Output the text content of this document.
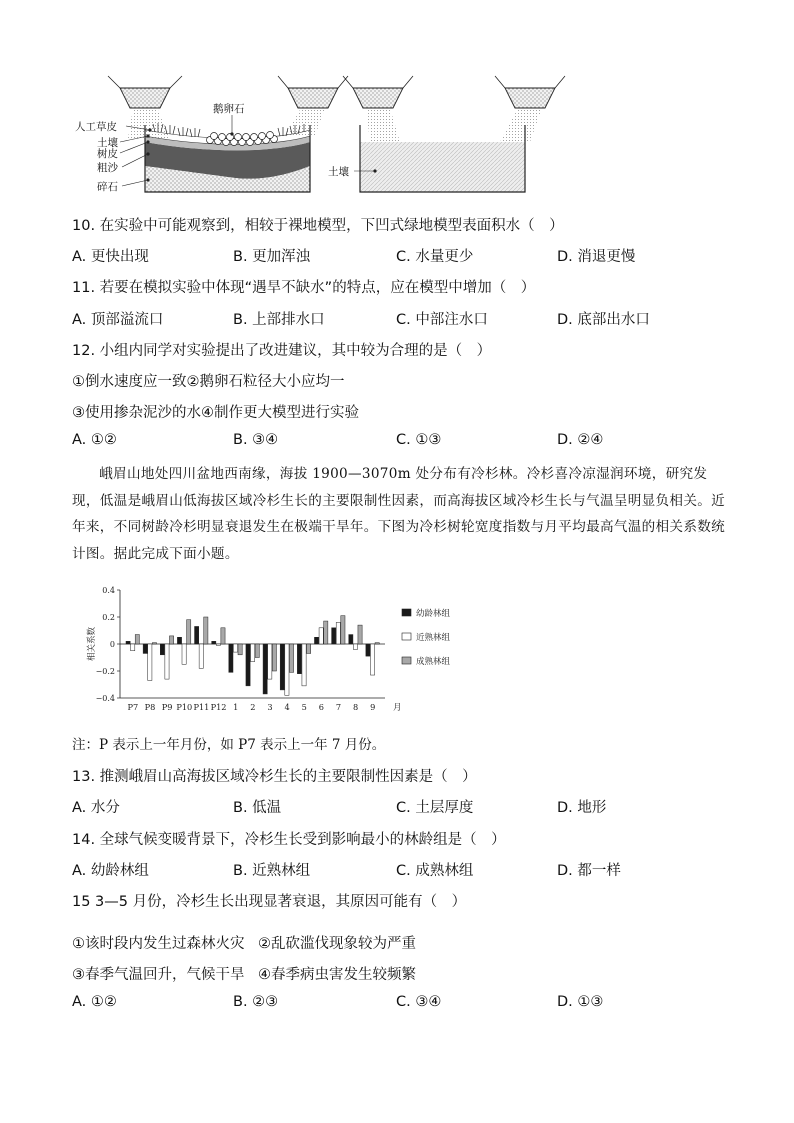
鹅卵石
人工草皮
土壤
树皮
粗沙
碎石
土壤
10. 在实验中可能观察到，相较于裸地模型，下凹式绿地模型表面积水（　）
A. 更快出现	B. 更加浑浊	C. 水量更少	D. 消退更慢
11. 若要在模拟实验中体现“遇旱不缺水”的特点，应在模型中增加（　）
A. 顶部溢流口	B. 上部排水口	C. 中部注水口	D. 底部出水口
12. 小组内同学对实验提出了改进建议，其中较为合理的是（　）
①倒水速度应一致②鹅卵石粒径大小应均一
③使用掺杂泥沙的水④制作更大模型进行实验
A. ①②	B. ③④	C. ①③	D. ②④
峨眉山地处四川盆地西南缘，海拔 1900—3070m 处分布有冷杉林。冷杉喜冷凉湿润环境，研究发现，低温是峨眉山低海拔区域冷杉生长的主要限制性因素，而高海拔区域冷杉生长与气温呈明显负相关。近年来，不同树龄冷杉明显衰退发生在极端干旱年。下图为冷杉树轮宽度指数与月平均最高气温的相关系数统计图。据此完成下面小题。
0.4
0.2
0
−0.2
−0.4
相关系数
P7 P8 P9 P10 P11 P12 1 2 3 4 5 6 7 8 9 月
幼龄林组
近熟林组
成熟林组
注：P 表示上一年月份，如 P7 表示上一年 7 月份。
13. 推测峨眉山高海拔区域冷杉生长的主要限制性因素是（　）
A. 水分	B. 低温	C. 土层厚度	D. 地形
14. 全球气候变暖背景下，冷杉生长受到影响最小的林龄组是（　）
A. 幼龄林组	B. 近熟林组	C. 成熟林组	D. 都一样
15 3—5 月份，冷杉生长出现显著衰退，其原因可能有（　）
①该时段内发生过森林火灾 ②乱砍滥伐现象较为严重
③春季气温回升，气候干旱 ④春季病虫害发生较频繁
A. ①②	B. ②③	C. ③④	D. ①③
